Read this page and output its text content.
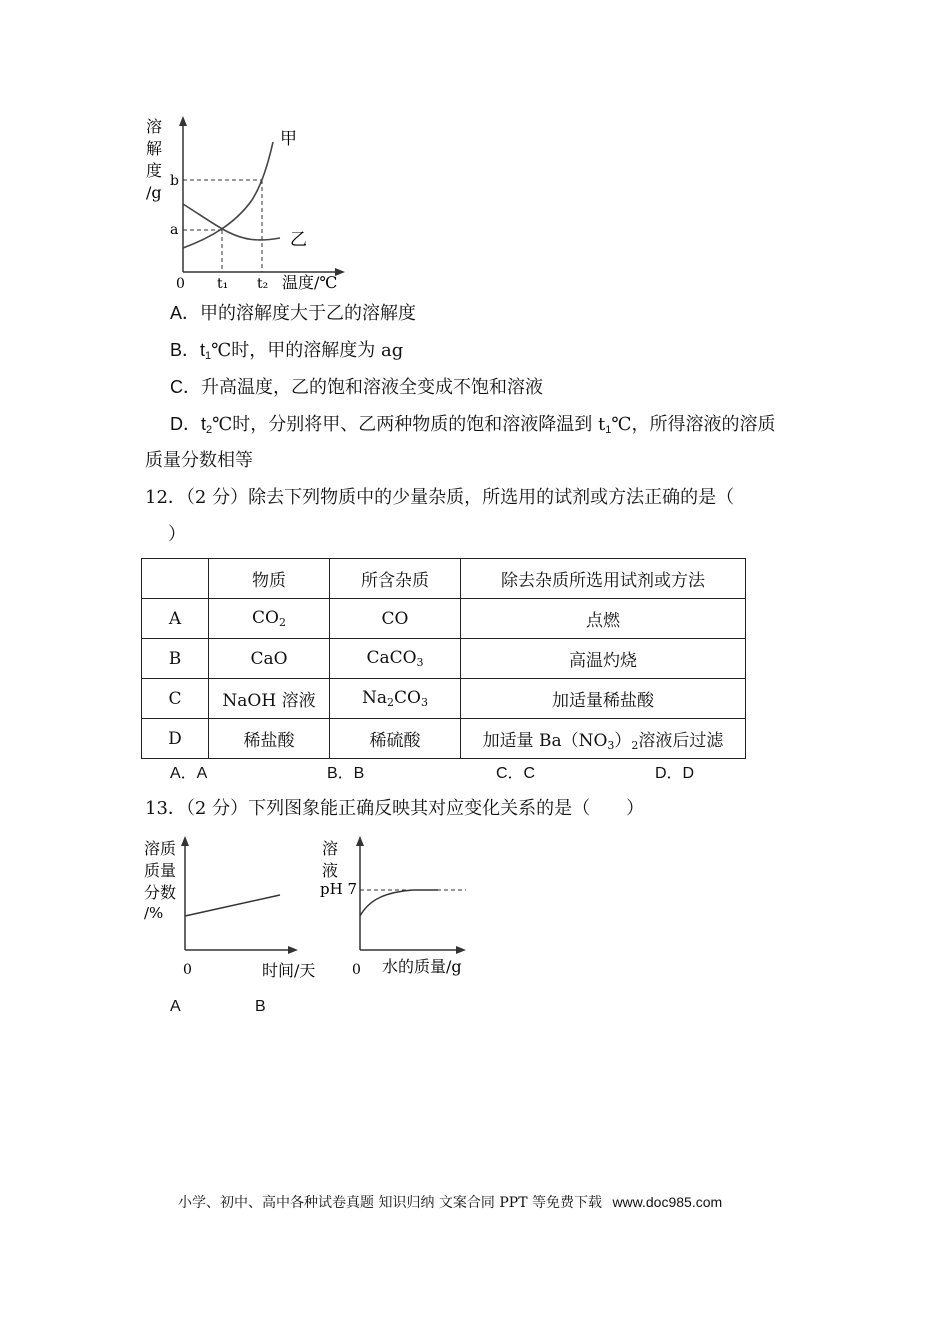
溶
解
度
/g
b
a
0 t₁ t₂ 温度/℃
甲
乙
A．甲的溶解度大于乙的溶解度
B．$t_1℃$时，甲的溶解度为 ag
C．升高温度，乙的饱和溶液全变成不饱和溶液
D．$t_2℃$时，分别将甲、乙两种物质的饱和溶液降温到 $t_1℃$，所得溶液的溶质
质量分数相等
12．（2 分）除去下列物质中的少量杂质，所选用的试剂或方法正确的是（
）
	物质	所含杂质	除去杂质所选用试剂或方法
A	$CO_2$	CO	点燃
B	CaO	CaCO$_3$	高温灼烧
C	NaOH 溶液	$Na_2CO_3$	加适量稀盐酸
D	稀盐酸	稀硫酸	加适量 $Ba(NO_3)_2$溶液后过滤
A．A	B．B	C．C	D．D
13．（2 分）下列图象能正确反映其对应变化关系的是（　　）
溶质
质量
分数
/%
0	时间/天
溶
液
pH 7
0 水的质量/g
A	B
小学、初中、高中各种试卷真题 知识归纳 文案合同 PPT 等免费下载 www.doc985.com
